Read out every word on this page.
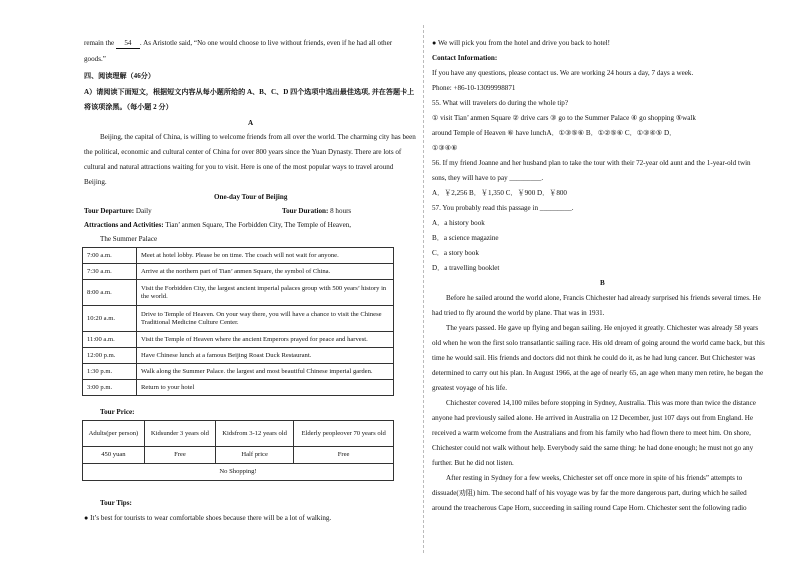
remain the 54 . As Aristotle said, “No one would choose to live without friends, even if he had all other
goods.”
四、阅读理解（46分）
A）请阅读下面短文，根据短文内容从每小题所给的 A、B、C、D 四个选项中选出最佳选项, 并在答题卡上
将该项涂黑。（每小题 2 分）
A
Beijing, the capital of China, is willing to welcome friends from all over the world. The charming city has been
the political, economic and cultural center of China for over 800 years since the Yuan Dynasty. There are lots of
cultural and natural attractions waiting for you to visit. Here is one of the most popular ways to travel around
Beijing.
One-day Tour of Beijing
Tour Departure: Daily	Tour Duration: 8 hours
Attractions and Activities: Tian’ anmen Square, The Forbidden City, The Temple of Heaven,
The Summer Palace
7:00 a.m.	Meet at hotel lobby. Please be on time. The coach will not wait for anyone.
7:30 a.m.	Arrive at the northern part of Tian’ anmen Square, the symbol of China.
8:00 a.m.	Visit the Forbidden City, the largest ancient imperial palaces group with 500 years’ history in the world.
10:20 a.m.	Drive to Temple of Heaven. On your way there, you will have a chance to visit the Chinese Traditional Medicine Culture Center.
11:00 a.m.	Visit the Temple of Heaven where the ancient Emperors prayed for peace and harvest.
12:00 p.m.	Have Chinese lunch at a famous Beijing Roast Duck Restaurant.
1:30 p.m.	Walk along the Summer Palace. the largest and most beautiful Chinese imperial garden.
3:00 p.m.	Return to your hotel
Tour Price:
Adults(per person)	Kidsunder 3 years old	Kidsfrom 3-12 years old	Elderly peopleover 70 years old
450 yuan	Free	Half price	Free
No Shopping!			
Tour Tips:
● It’s best for tourists to wear comfortable shoes because there will be a lot of walking.
● We will pick you from the hotel and drive you back to hotel!
Contact Information:
If you have any questions, please contact us. We are working 24 hours a day, 7 days a week.
Phone: +86-10-13099998871
55. What will travelers do during the whole tip?
① visit Tian’ anmen Square ② drive cars ③ go to the Summer Palace ④ go shopping ⑤walk
around Temple of Heaven ⑥ have lunchA．①③⑤⑥ B．①②⑤⑥ C．①③④⑤ D．
①③④⑥
56. If my friend Joanne and her husband plan to take the tour with their 72-year old aunt and the 1-year-old twin
sons, they will have to pay _________.
A．￥2,256 B．￥1,350 C．￥900 D．￥800
57. You probably read this passage in _________.
A．a history book
B．a science magazine
C．a story book
D．a travelling booklet
B
Before he sailed around the world alone, Francis Chichester had already surprised his friends several times. He
had tried to fly around the world by plane. That was in 1931.
The years passed. He gave up flying and began sailing. He enjoyed it greatly. Chichester was already 58 years
old when he won the first solo transatlantic sailing race. His old dream of going around the world came back, but this
time he would sail. His friends and doctors did not think he could do it, as he had lung cancer. But Chichester was
determined to carry out his plan. In August 1966, at the age of nearly 65, an age when many men retire, he began the
greatest voyage of his life.
Chichester covered 14,100 miles before stopping in Sydney, Australia. This was more than twice the distance
anyone had previously sailed alone. He arrived in Australia on 12 December, just 107 days out from England. He
received a warm welcome from the Australians and from his family who had flown there to meet him. On shore,
Chichester could not walk without help. Everybody said the same thing: he had done enough; he must not go any
further. But he did not listen.
After resting in Sydney for a few weeks, Chichester set off once more in spite of his friends” attempts to
dissuade(劝阻) him. The second half of his voyage was by far the more dangerous part, during which he sailed
around the treacherous Cape Horn, succeeding in sailing round Cape Horn. Chichester sent the following radio
